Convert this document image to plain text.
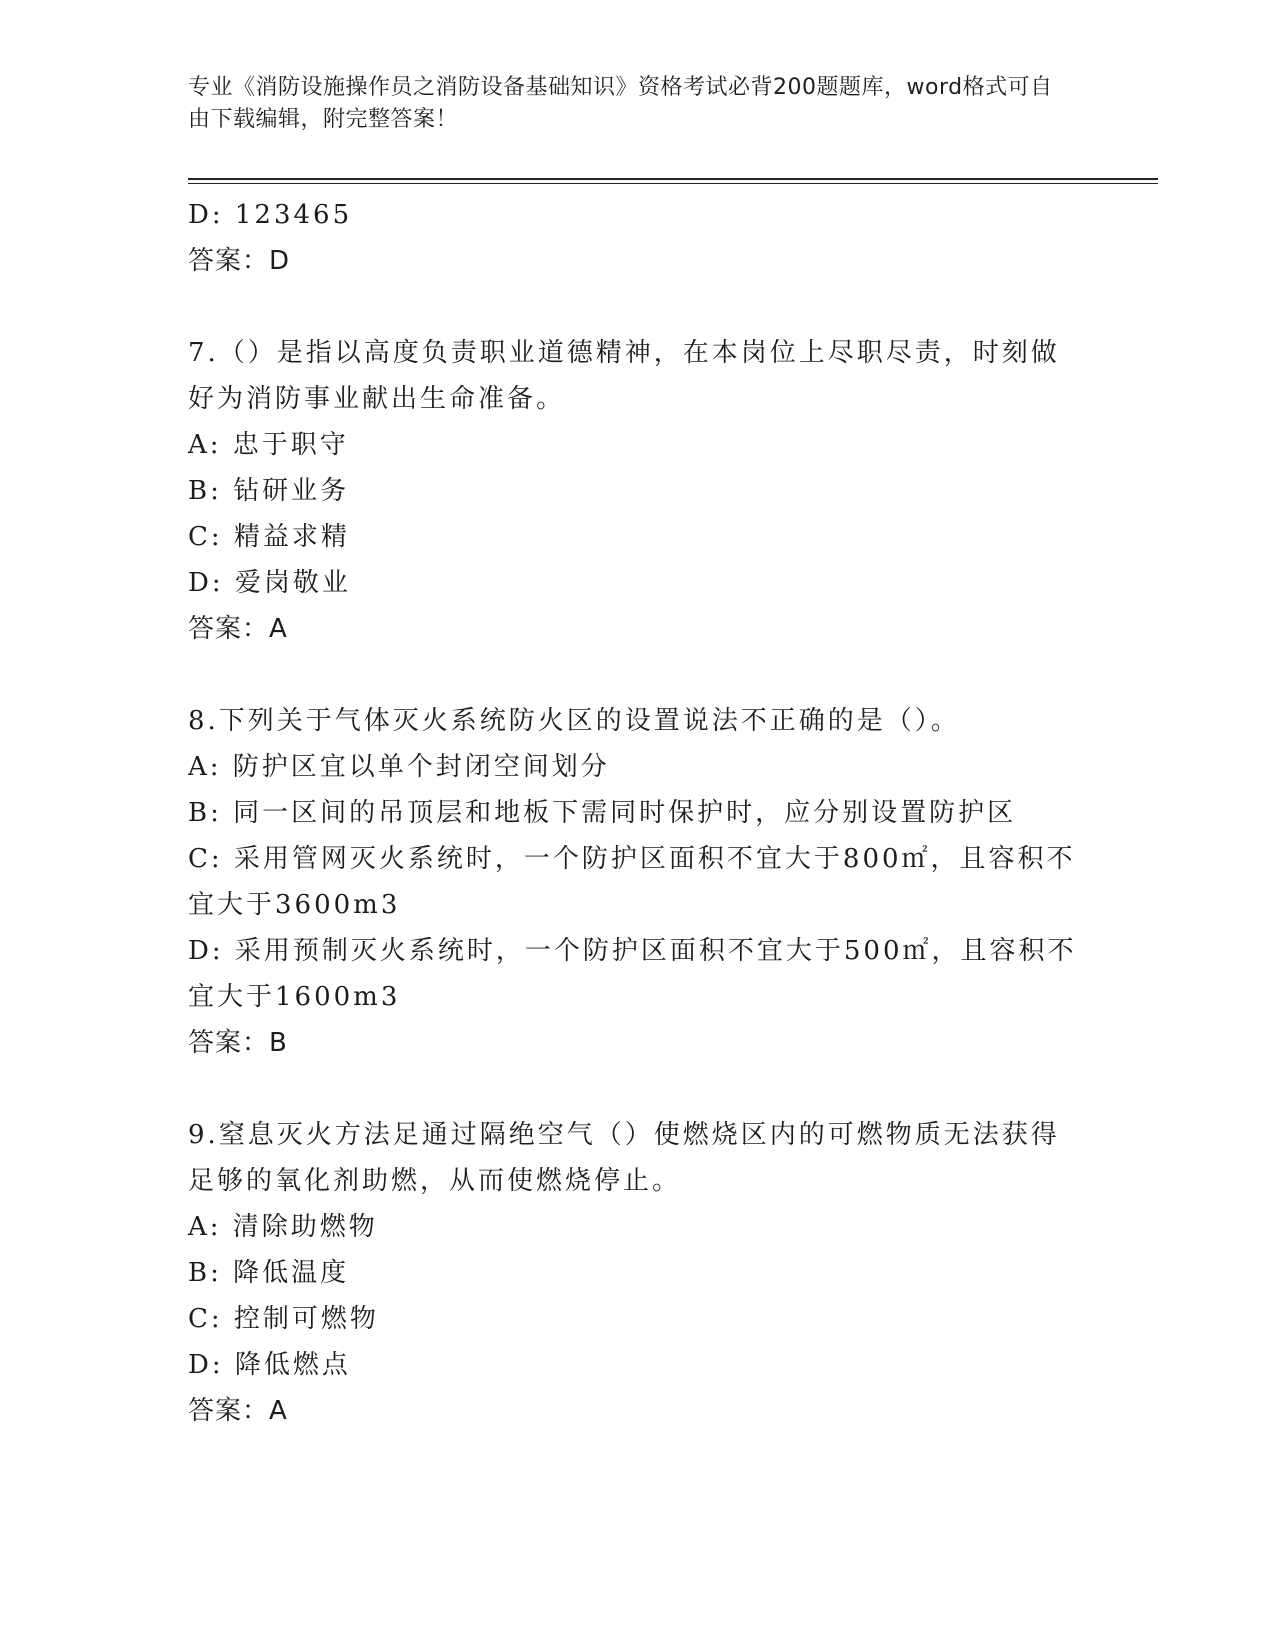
专业《消防设施操作员之消防设备基础知识》资格考试必背200题题库，word格式可自由下载编辑，附完整答案！
D: 123465
答案：D
7.（）是指以高度负责职业道德精神，在本岗位上尽职尽责，时刻做
好为消防事业献出生命准备。
A: 忠于职守
B: 钻研业务
C: 精益求精
D: 爱岗敬业
答案：A
8.下列关于气体灭火系统防火区的设置说法不正确的是（）。
A: 防护区宜以单个封闭空间划分
B: 同一区间的吊顶层和地板下需同时保护时，应分别设置防护区
C: 采用管网灭火系统时，一个防护区面积不宜大于800㎡，且容积不
宜大于3600m3
D: 采用预制灭火系统时，一个防护区面积不宜大于500㎡，且容积不
宜大于1600m3
答案：B
9.窒息灭火方法足通过隔绝空气（）使燃烧区内的可燃物质无法获得
足够的氧化剂助燃，从而使燃烧停止。
A: 清除助燃物
B: 降低温度
C: 控制可燃物
D: 降低燃点
答案：A
